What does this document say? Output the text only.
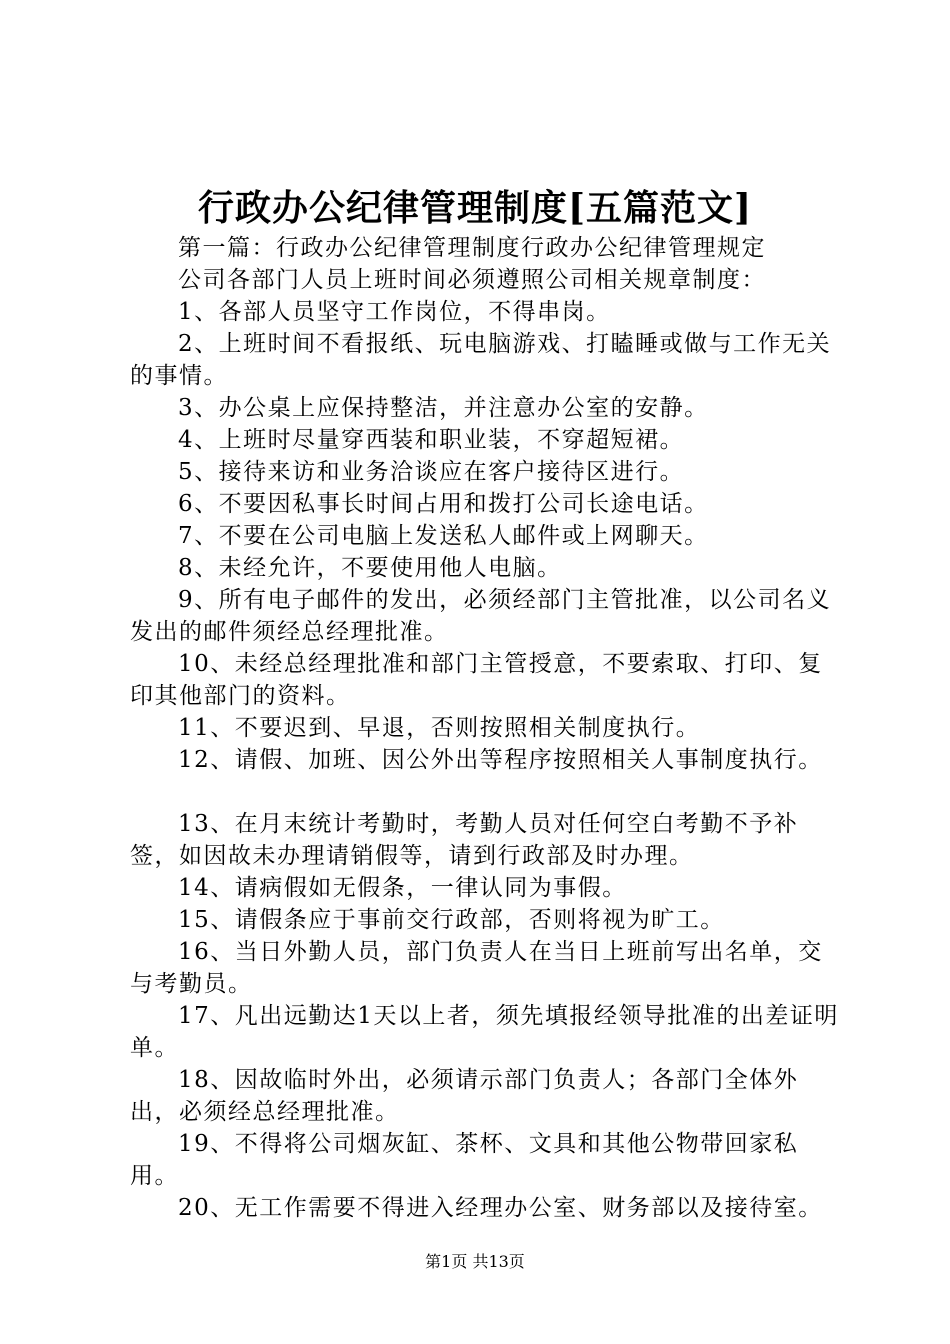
行政办公纪律管理制度[五篇范文]

第一篇：行政办公纪律管理制度行政办公纪律管理规定

公司各部门人员上班时间必须遵照公司相关规章制度：

1、各部人员坚守工作岗位，不得串岗。

2、上班时间不看报纸、玩电脑游戏、打瞌睡或做与工作无关的事情。

3、办公桌上应保持整洁，并注意办公室的安静。

4、上班时尽量穿西装和职业装，不穿超短裙。

5、接待来访和业务洽谈应在客户接待区进行。

6、不要因私事长时间占用和拨打公司长途电话。

7、不要在公司电脑上发送私人邮件或上网聊天。

8、未经允许，不要使用他人电脑。

9、所有电子邮件的发出，必须经部门主管批准，以公司名义发出的邮件须经总经理批准。

10、未经总经理批准和部门主管授意，不要索取、打印、复印其他部门的资料。

11、不要迟到、早退，否则按照相关制度执行。

12、请假、加班、因公外出等程序按照相关人事制度执行。

13、在月末统计考勤时，考勤人员对任何空白考勤不予补签，如因故未办理请销假等，请到行政部及时办理。

14、请病假如无假条，一律认同为事假。

15、请假条应于事前交行政部，否则将视为旷工。

16、当日外勤人员，部门负责人在当日上班前写出名单，交与考勤员。

17、凡出远勤达1天以上者，须先填报经领导批准的出差证明单。

18、因故临时外出，必须请示部门负责人；各部门全体外出，必须经总经理批准。

19、不得将公司烟灰缸、茶杯、文具和其他公物带回家私用。

20、无工作需要不得进入经理办公室、财务部以及接待室。

第1页 共13页
